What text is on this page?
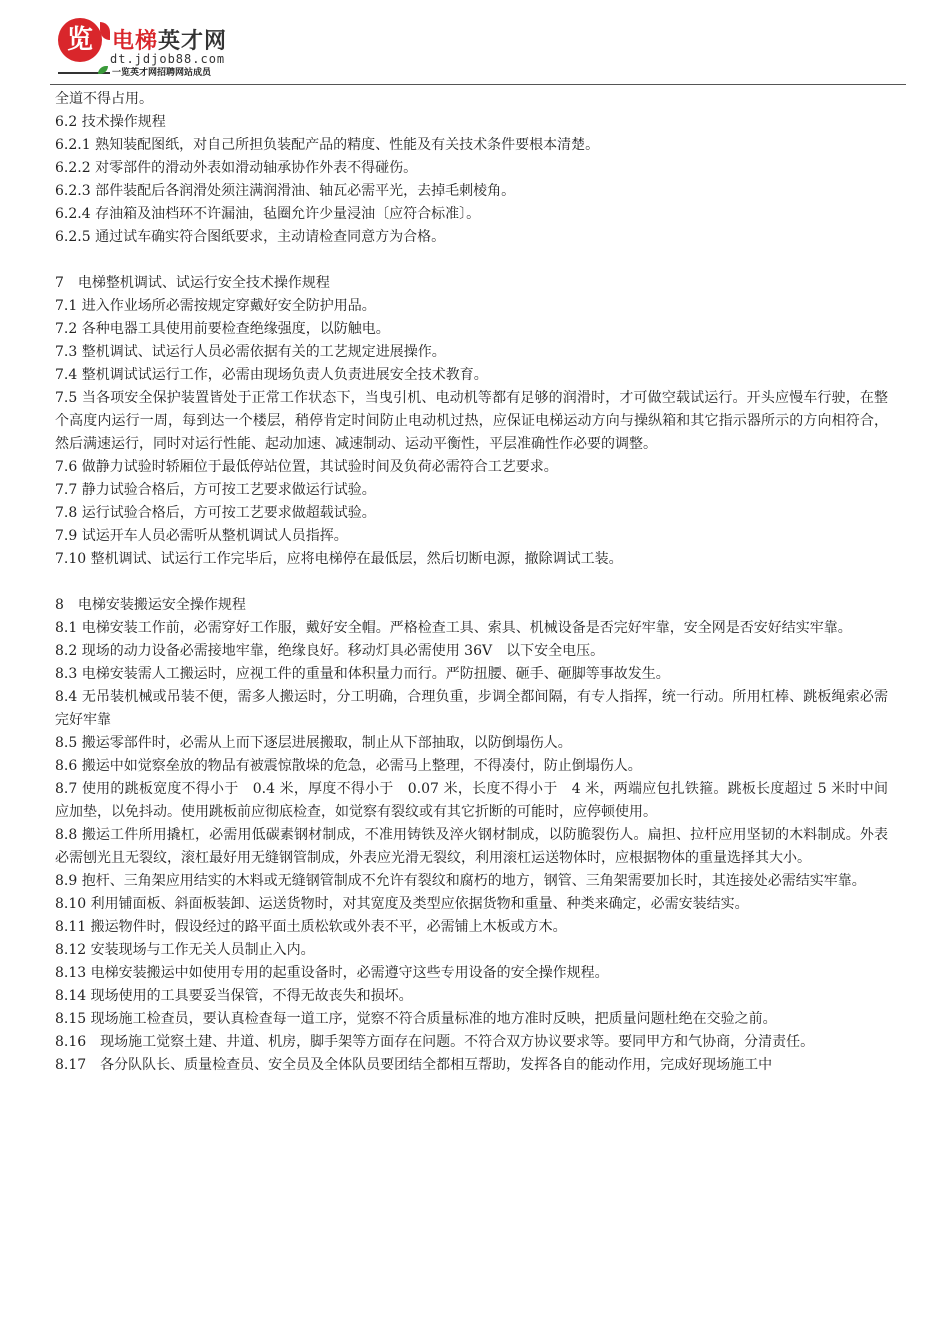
览 电梯英才网
dt.jdjob88.com
一览英才网招聘网站成员

全道不得占用。

6.2 技术操作规程

6.2.1 熟知装配图纸，对自己所担负装配产品的精度、性能及有关技术条件要根本清楚。

6.2.2 对零部件的滑动外表如滑动轴承协作外表不得碰伤。

6.2.3 部件装配后各润滑处须注满润滑油、轴瓦必需平光，去掉毛刺棱角。

6.2.4 存油箱及油档环不许漏油，毡圈允许少量浸油〔应符合标准〕。

6.2.5 通过试车确实符合图纸要求，主动请检查同意方为合格。

7　电梯整机调试、试运行安全技术操作规程

7.1 进入作业场所必需按规定穿戴好安全防护用品。

7.2 各种电器工具使用前要检查绝缘强度，以防触电。

7.3 整机调试、试运行人员必需依据有关的工艺规定进展操作。

7.4 整机调试试运行工作，必需由现场负责人负责进展安全技术教育。

7.5 当各项安全保护装置皆处于正常工作状态下，当曳引机、电动机等都有足够的润滑时，才可做空载试运行。开头应慢车行驶，在整个高度内运行一周，每到达一个楼层，稍停肯定时间防止电动机过热，应保证电梯运动方向与操纵箱和其它指示器所示的方向相符合，然后满速运行，同时对运行性能、起动加速、减速制动、运动平衡性，平层准确性作必要的调整。

7.6 做静力试验时轿厢位于最低停站位置，其试验时间及负荷必需符合工艺要求。

7.7 静力试验合格后，方可按工艺要求做运行试验。

7.8 运行试验合格后，方可按工艺要求做超载试验。

7.9 试运开车人员必需听从整机调试人员指挥。

7.10 整机调试、试运行工作完毕后，应将电梯停在最低层，然后切断电源，撤除调试工装。

8　电梯安装搬运安全操作规程

8.1 电梯安装工作前，必需穿好工作服，戴好安全帽。严格检查工具、索具、机械设备是否完好牢靠，安全网是否安好结实牢靠。

8.2 现场的动力设备必需接地牢靠，绝缘良好。移动灯具必需使用 36V　以下安全电压。

8.3 电梯安装需人工搬运时，应视工件的重量和体积量力而行。严防扭腰、砸手、砸脚等事故发生。

8.4 无吊装机械或吊装不便，需多人搬运时，分工明确，合理负重，步调全都间隔，有专人指挥，统一行动。所用杠棒、跳板绳索必需完好牢靠

8.5 搬运零部件时，必需从上而下逐层进展搬取，制止从下部抽取，以防倒塌伤人。

8.6 搬运中如觉察垒放的物品有被震惊散垛的危急，必需马上整理，不得凑付，防止倒塌伤人。

8.7 使用的跳板宽度不得小于　0.4 米，厚度不得小于　0.07 米，长度不得小于　4 米，两端应包扎铁箍。跳板长度超过 5 米时中间应加垫，以免抖动。使用跳板前应彻底检查，如觉察有裂纹或有其它折断的可能时，应停顿使用。

8.8 搬运工件所用撬杠，必需用低碳素钢材制成，不准用铸铁及淬火钢材制成，以防脆裂伤人。扁担、拉杆应用坚韧的木料制成。外表必需刨光且无裂纹，滚杠最好用无缝钢管制成，外表应光滑无裂纹，利用滚杠运送物体时，应根据物体的重量选择其大小。

8.9 抱杆、三角架应用结实的木料或无缝钢管制成不允许有裂纹和腐朽的地方，钢管、三角架需要加长时，其连接处必需结实牢靠。

8.10 利用铺面板、斜面板装卸、运送货物时，对其宽度及类型应依据货物和重量、种类来确定，必需安装结实。

8.11 搬运物件时，假设经过的路平面土质松软或外表不平，必需铺上木板或方木。

8.12 安装现场与工作无关人员制止入内。

8.13 电梯安装搬运中如使用专用的起重设备时，必需遵守这些专用设备的安全操作规程。

8.14 现场使用的工具要妥当保管，不得无故丧失和损坏。

8.15 现场施工检查员，要认真检查每一道工序，觉察不符合质量标准的地方准时反映，把质量问题杜绝在交验之前。

8.16　现场施工觉察土建、井道、机房，脚手架等方面存在问题。不符合双方协议要求等。要同甲方和气协商，分清责任。

8.17　各分队队长、质量检查员、安全员及全体队员要团结全都相互帮助，发挥各自的能动作用，完成好现场施工中
